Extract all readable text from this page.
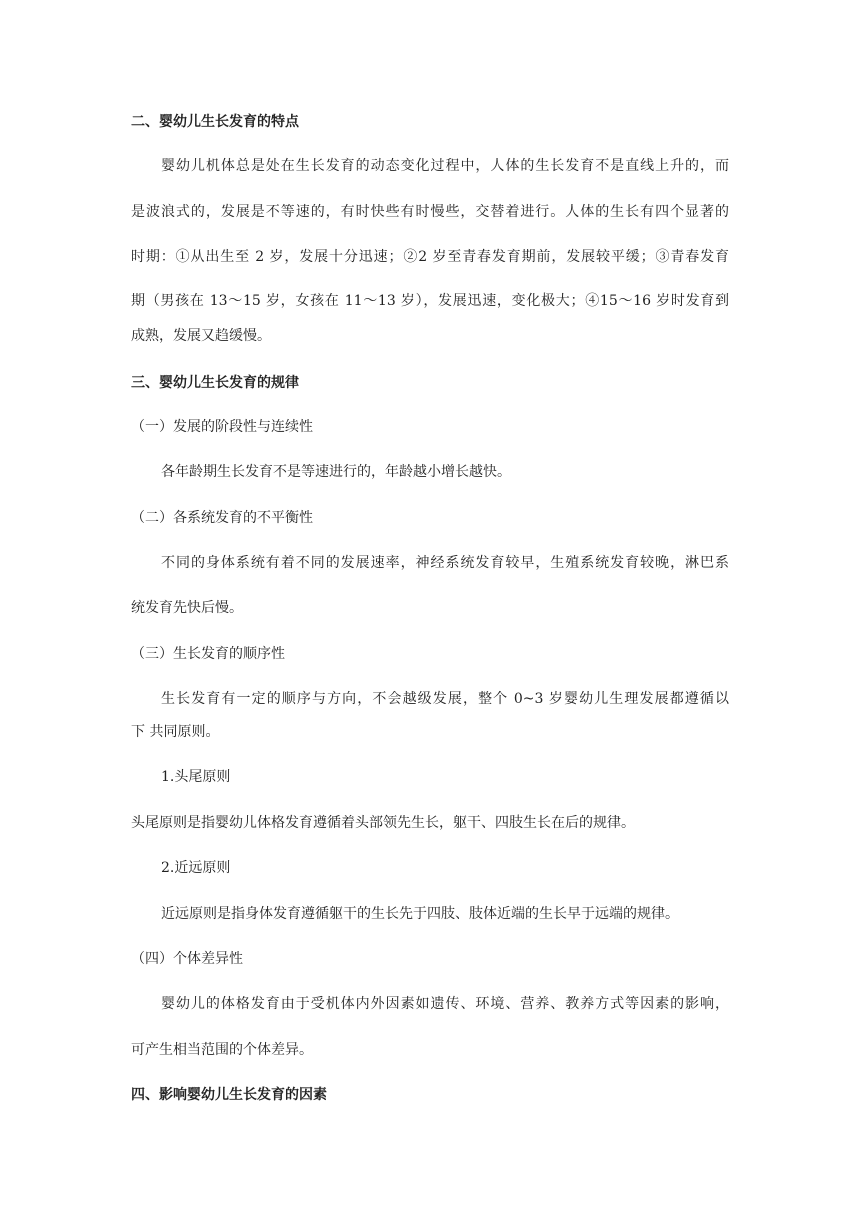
二、婴幼儿生长发育的特点
婴幼儿机体总是处在生长发育的动态变化过程中，人体的生长发育不是直线上升的，而
是波浪式的，发展是不等速的，有时快些有时慢些，交替着进行。人体的生长有四个显著的
时期：①从出生至 2 岁，发展十分迅速；②2 岁至青春发育期前，发展较平缓；③青春发育
期（男孩在 13～15 岁，女孩在 11～13 岁），发展迅速，变化极大；④15～16 岁时发育到
成熟，发展又趋缓慢。
三、婴幼儿生长发育的规律
（一）发展的阶段性与连续性
各年龄期生长发育不是等速进行的，年龄越小增长越快。
（二）各系统发育的不平衡性
不同的身体系统有着不同的发展速率，神经系统发育较早，生殖系统发育较晚，淋巴系
统发育先快后慢。
（三）生长发育的顺序性
生长发育有一定的顺序与方向，不会越级发展，整个 0~3 岁婴幼儿生理发展都遵循以
下 共同原则。
1.头尾原则
头尾原则是指婴幼儿体格发育遵循着头部领先生长，躯干、四肢生长在后的规律。
2.近远原则
近远原则是指身体发育遵循躯干的生长先于四肢、肢体近端的生长早于远端的规律。
（四）个体差异性
婴幼儿的体格发育由于受机体内外因素如遗传、环境、营养、教养方式等因素的影响，
可产生相当范围的个体差异。
四、影响婴幼儿生长发育的因素
